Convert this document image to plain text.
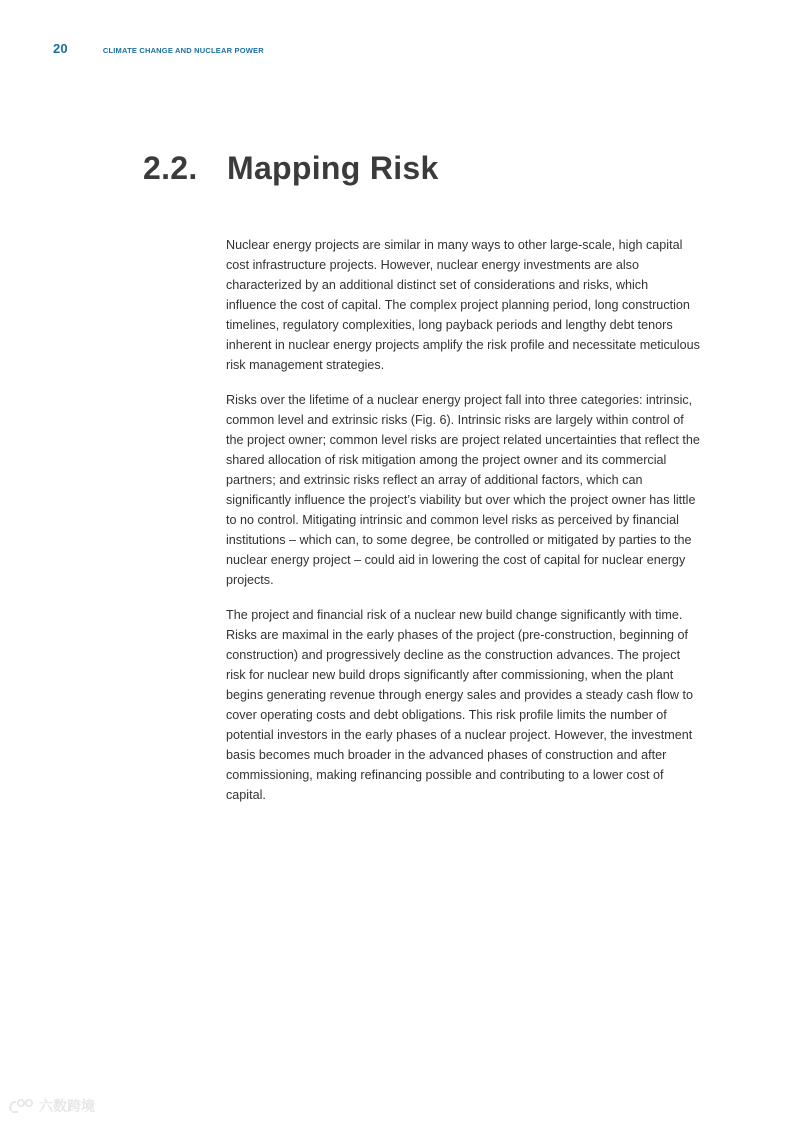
20	CLIMATE CHANGE AND NUCLEAR POWER
2.2. Mapping Risk

Nuclear energy projects are similar in many ways to other large-scale, high capital cost infrastructure projects. However, nuclear energy investments are also characterized by an additional distinct set of considerations and risks, which influence the cost of capital. The complex project planning period, long construction timelines, regulatory complexities, long payback periods and lengthy debt tenors inherent in nuclear energy projects amplify the risk profile and necessitate meticulous risk management strategies.

Risks over the lifetime of a nuclear energy project fall into three categories: intrinsic, common level and extrinsic risks (Fig. 6). Intrinsic risks are largely within control of the project owner; common level risks are project related uncertainties that reflect the shared allocation of risk mitigation among the project owner and its commercial partners; and extrinsic risks reflect an array of additional factors, which can significantly influence the project’s viability but over which the project owner has little to no control. Mitigating intrinsic and common level risks as perceived by financial institutions – which can, to some degree, be controlled or mitigated by parties to the nuclear energy project – could aid in lowering the cost of capital for nuclear energy projects.

The project and financial risk of a nuclear new build change significantly with time. Risks are maximal in the early phases of the project (pre-construction, beginning of construction) and progressively decline as the construction advances. The project risk for nuclear new build drops significantly after commissioning, when the plant begins generating revenue through energy sales and provides a steady cash flow to cover operating costs and debt obligations. This risk profile limits the number of potential investors in the early phases of a nuclear project. However, the investment basis becomes much broader in the advanced phases of construction and after commissioning, making refinancing possible and contributing to a lower cost of capital.

六数跨境
